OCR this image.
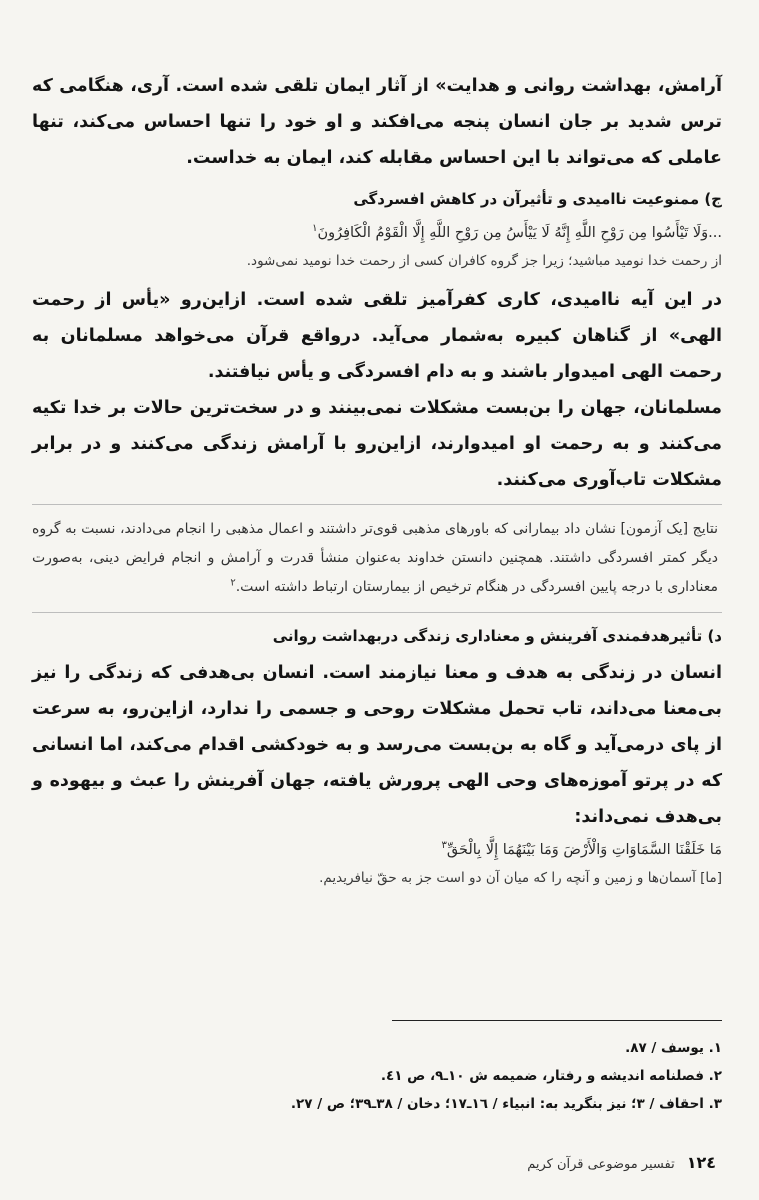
آرامش، بهداشت روانی و هدایت» از آثار ایمان تلقی شده است. آری، هنگامی که ترس شدید بر جان انسان پنجه می‌افکند و او خود را تنها احساس می‌کند، تنها عاملی که می‌تواند با این احساس مقابله کند، ایمان به خداست.

ج) ممنوعیت ناامیدی و تأثیرآن در کاهش افسردگی

...وَلَا تَيْأَسُوا مِن رَوْحِ اللَّهِ إِنَّهُ لَا يَيْأَسُ مِن رَوْحِ اللَّهِ إِلَّا الْقَوْمُ الْكَافِرُونَ$^١$

از رحمت خدا نومید مباشید؛ زیرا جز گروه کافران کسی از رحمت خدا نومید نمی‌شود.

در این آیه ناامیدی، کاری کفرآمیز تلقی شده است. ازاین‌رو «یأس از رحمت الهی» از گناهان کبیره به‌شمار می‌آید. درواقع قرآن می‌خواهد مسلمانان به رحمت الهی امیدوار باشند و به دام افسردگی و یأس نیافتند.

مسلمانان، جهان را بن‌بست مشکلات نمی‌بینند و در سخت‌ترین حالات بر خدا تکیه می‌کنند و به رحمت او امیدوارند، ازاین‌رو با آرامش زندگی می‌کنند و در برابر مشکلات تاب‌آوری می‌کنند.

نتایج [یک آزمون] نشان داد بیمارانی که باورهای مذهبی قوی‌تر داشتند و اعمال مذهبی را انجام می‌دادند، نسبت به گروه دیگر کمتر افسردگی داشتند. همچنین دانستن خداوند به‌عنوان منشأ قدرت و آرامش و انجام فرایض دینی، به‌صورت معناداری با درجه پایین افسردگی در هنگام ترخیص از بیمارستان ارتباط داشته است.$^٢$

د) تأثیرهدفمندی آفرینش و معناداری زندگی دربهداشت روانی

انسان در زندگی به هدف و معنا نیازمند است. انسان بی‌هدفی که زندگی را نیز بی‌معنا می‌داند، تاب تحمل مشکلات روحی و جسمی را ندارد، ازاین‌رو، به سرعت از پای درمی‌آید و گاه به بن‌بست می‌رسد و به خودکشی اقدام می‌کند، اما انسانی که در پرتو آموزه‌های وحی الهی پرورش یافته، جهان آفرینش را عبث و بیهوده و بی‌هدف نمی‌داند:

مَا خَلَقْنَا السَّمَاوَاتِ وَالْأَرْضَ وَمَا بَيْنَهُمَا إِلَّا بِالْحَقِّ$^٣$

[ما] آسمان‌ها و زمین و آنچه را که میان آن دو است جز به حقّ نیافریدیم.

١. یوسف / ٨٧.
٢. فصلنامه اندیشه و رفتار، ضمیمه ش ١٠ـ٩، ص ٤١.
٣. احقاف / ٣؛ نیز بنگرید به: انبیاء / ١٦ـ١٧؛ دخان / ٣٨ـ٣٩؛ ص / ٢٧.
١٢٤
تفسیر موضوعی قرآن کریم
